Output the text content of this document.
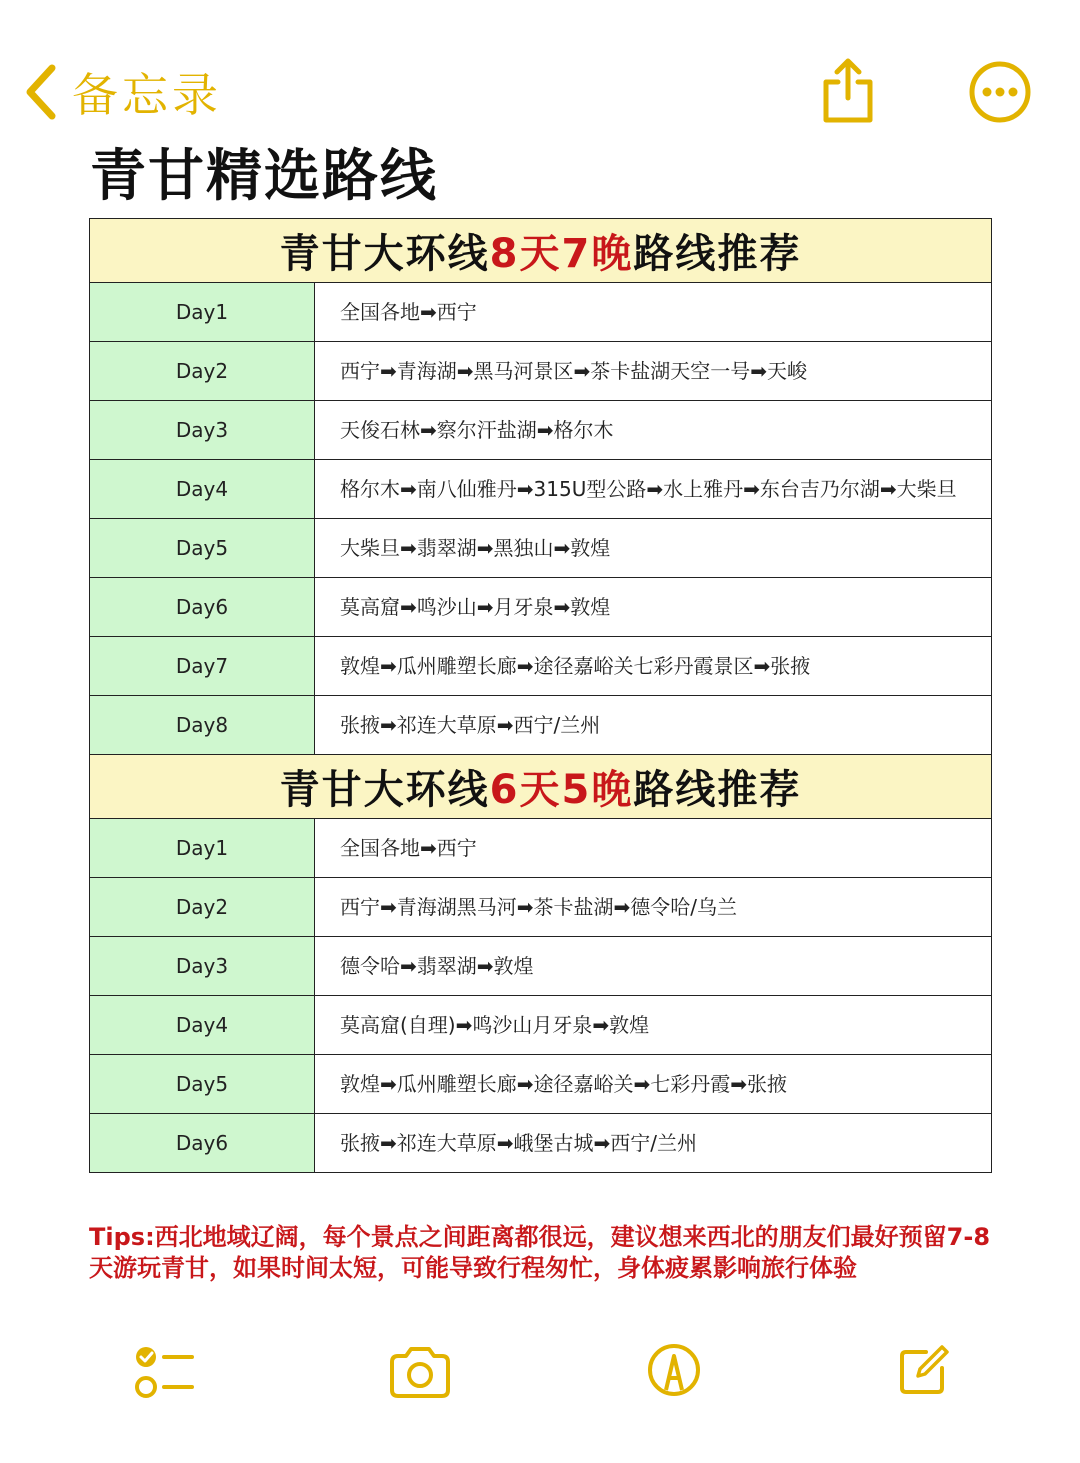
备忘录
青甘精选路线
青甘大环线8天7晚路线推荐	
Day1	全国各地➡西宁
Day2	西宁➡青海湖➡黑马河景区➡茶卡盐湖天空一号➡天峻
Day3	天俊石林➡察尔汗盐湖➡格尔木
Day4	格尔木➡南八仙雅丹➡315U型公路➡水上雅丹➡东台吉乃尔湖➡大柴旦
Day5	大柴旦➡翡翠湖➡黑独山➡敦煌
Day6	莫高窟➡鸣沙山➡月牙泉➡敦煌
Day7	敦煌➡瓜州雕塑长廊➡途径嘉峪关七彩丹霞景区➡张掖
Day8	张掖➡祁连大草原➡西宁/兰州
青甘大环线6天5晚路线推荐	
Day1	全国各地➡西宁
Day2	西宁➡青海湖黑马河➡茶卡盐湖➡德令哈/乌兰
Day3	德令哈➡翡翠湖➡敦煌
Day4	莫高窟(自理)➡鸣沙山月牙泉➡敦煌
Day5	敦煌➡瓜州雕塑长廊➡途径嘉峪关➡七彩丹霞➡张掖
Day6	张掖➡祁连大草原➡峨堡古城➡西宁/兰州

Tips:西北地域辽阔，每个景点之间距离都很远，建议想来西北的朋友们最好预留7-8天游玩青甘，如果时间太短，可能导致行程匆忙，身体疲累影响旅行体验
